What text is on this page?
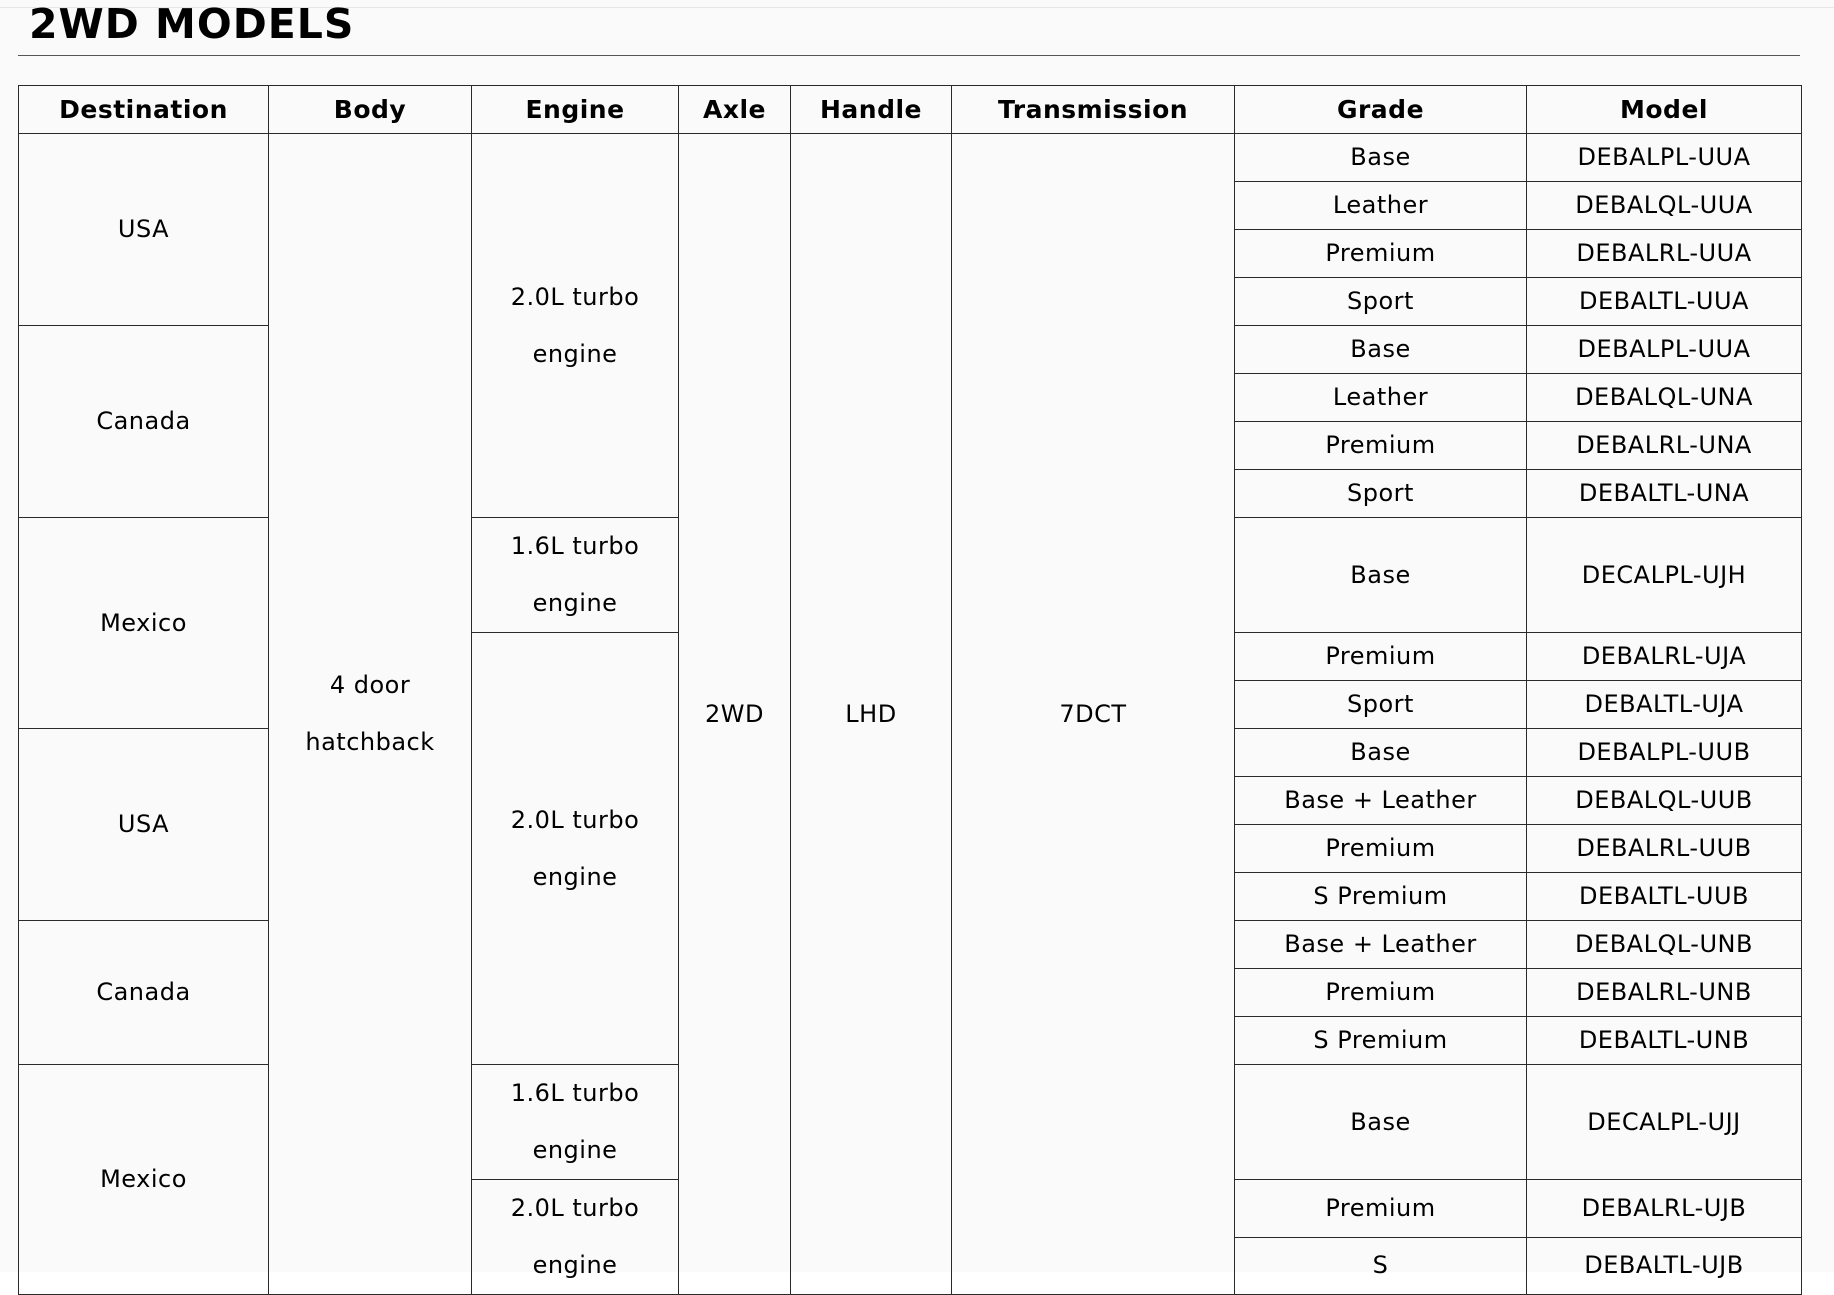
2WD MODELS
Destination	Body	Engine	Axle	Handle	Transmission	Grade	Model
USA	4 door hatchback	2.0L turbo engine	2WD	LHD	7DCT	Base	DEBALPL-UUA
						Leather	DEBALQL-UUA
						Premium	DEBALRL-UUA
						Sport	DEBALTL-UUA
Canada						Base	DEBALPL-UUA
						Leather	DEBALQL-UNA
						Premium	DEBALRL-UNA
						Sport	DEBALTL-UNA
Mexico		1.6L turbo engine				Base	DECALPL-UJH
		2.0L turbo engine				Premium	DEBALRL-UJA
						Sport	DEBALTL-UJA
USA						Base	DEBALPL-UUB
						Base + Leather	DEBALQL-UUB
						Premium	DEBALRL-UUB
						S Premium	DEBALTL-UUB
Canada						Base + Leather	DEBALQL-UNB
						Premium	DEBALRL-UNB
						S Premium	DEBALTL-UNB
Mexico		1.6L turbo engine				Base	DECALPL-UJJ
		2.0L turbo engine				Premium	DEBALRL-UJB
						S	DEBALTL-UJB
